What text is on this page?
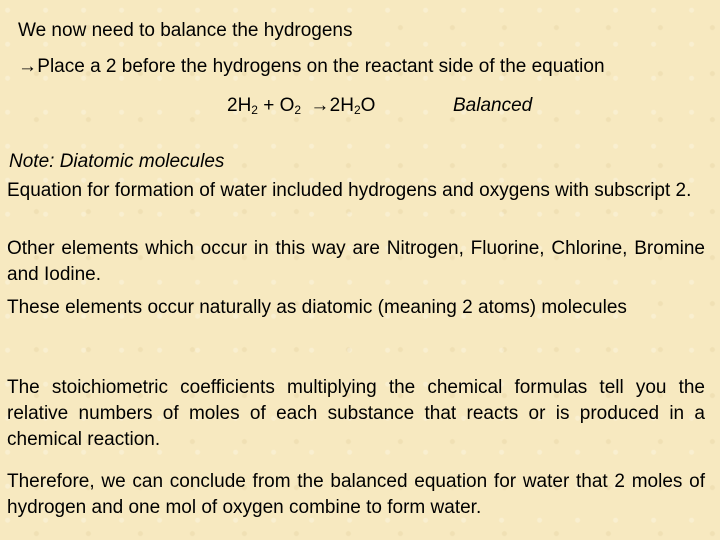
We now need to balance the hydrogens
→ Place a 2 before the hydrogens on the reactant side of the equation
$2H_2 + O_2 \to 2H_2O$	Balanced
Note: Diatomic molecules
Equation for formation of water included hydrogens and oxygens with subscript 2.
Other elements which occur in this way are Nitrogen, Fluorine, Chlorine, Bromine and Iodine.
These elements occur naturally as diatomic (meaning 2 atoms) molecules
The stoichiometric coefficients multiplying the chemical formulas tell you the relative numbers of moles of each substance that reacts or is produced in a chemical reaction.
Therefore, we can conclude from the balanced equation for water that 2 moles of hydrogen and one mol of oxygen combine to form water.
